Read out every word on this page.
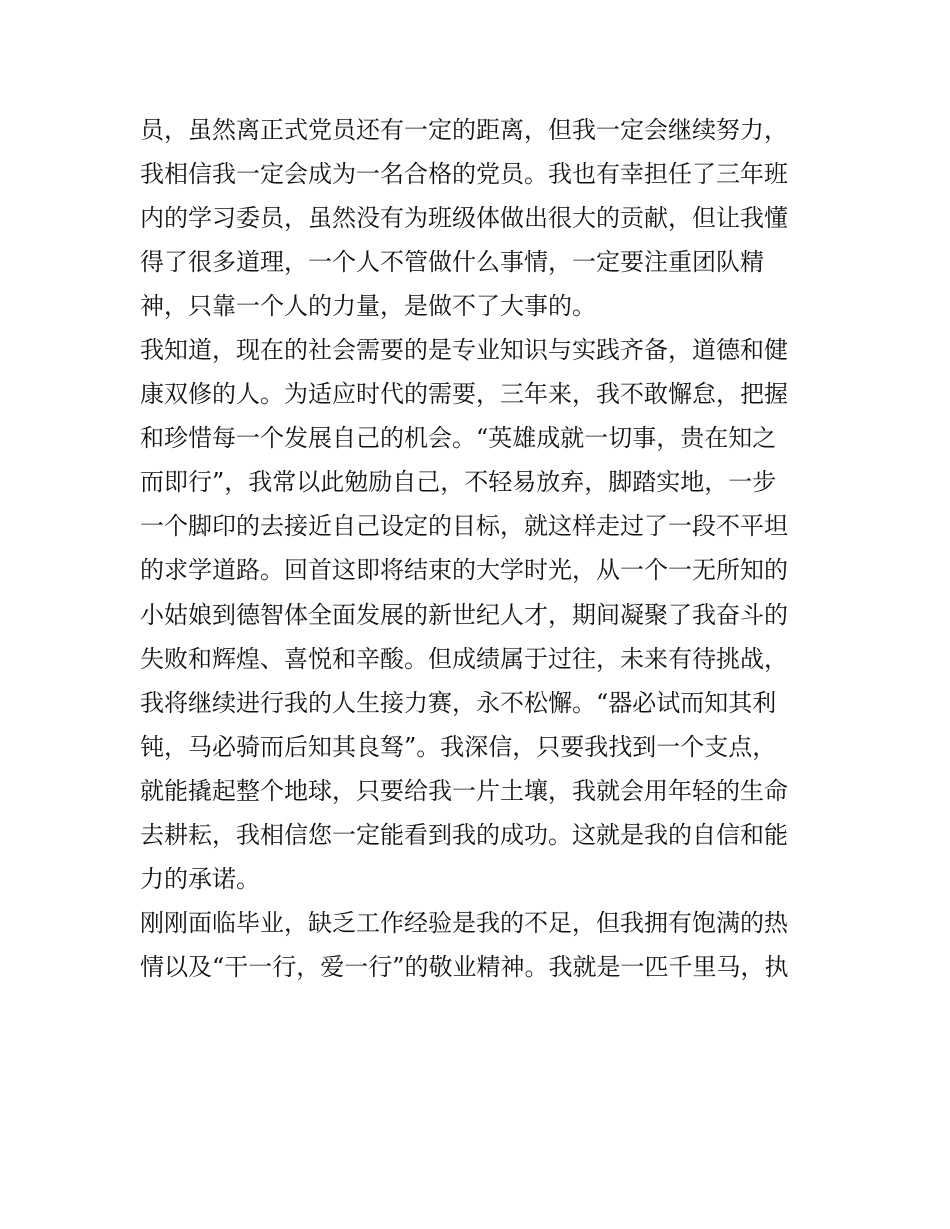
员，虽然离正式党员还有一定的距离，但我一定会继续努力，
我相信我一定会成为一名合格的党员。我也有幸担任了三年班
内的学习委员，虽然没有为班级体做出很大的贡献，但让我懂
得了很多道理，一个人不管做什么事情，一定要注重团队精
神，只靠一个人的力量，是做不了大事的。
我知道，现在的社会需要的是专业知识与实践齐备，道德和健
康双修的人。为适应时代的需要，三年来，我不敢懈怠，把握
和珍惜每一个发展自己的机会。“英雄成就一切事，贵在知之
而即行”，我常以此勉励自己，不轻易放弃，脚踏实地，一步
一个脚印的去接近自己设定的目标，就这样走过了一段不平坦
的求学道路。回首这即将结束的大学时光，从一个一无所知的
小姑娘到德智体全面发展的新世纪人才，期间凝聚了我奋斗的
失败和辉煌、喜悦和辛酸。但成绩属于过往，未来有待挑战，
我将继续进行我的人生接力赛，永不松懈。“器必试而知其利
钝，马必骑而后知其良驽”。我深信，只要我找到一个支点，
就能撬起整个地球，只要给我一片土壤，我就会用年轻的生命
去耕耘，我相信您一定能看到我的成功。这就是我的自信和能
力的承诺。
刚刚面临毕业，缺乏工作经验是我的不足，但我拥有饱满的热
情以及“干一行，爱一行”的敬业精神。我就是一匹千里马，执
